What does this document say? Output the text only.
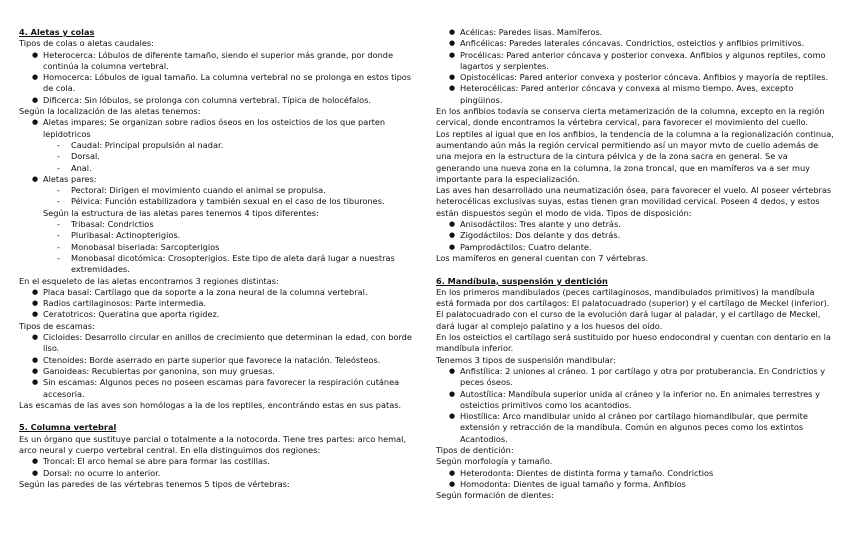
4. Aletas y colas

Tipos de colas o aletas caudales:

● Heterocerca: Lóbulos de diferente tamaño, siendo el superior más grande, por donde continúa la columna vertebral.
● Homocerca: Lóbulos de igual tamaño. La columna vertebral no se prolonga en estos tipos de cola.
● Dificerca: Sin lóbulos, se prolonga con columna vertebral. Típica de holocéfalos.

Según la localización de las aletas tenemos:

● Aletas impares: Se organizan sobre radios óseos en los osteictios de los que parten lepidotricos
- Caudal: Principal propulsión al nadar.
- Dorsal.
- Anal.
● Aletas pares:
- Pectoral: Dirigen el movimiento cuando el animal se propulsa.
- Pélvica: Función estabilizadora y también sexual en el caso de los tiburones.

Según la estructura de las aletas pares tenemos 4 tipos diferentes:

- Tribasal: Condrictios
- Pluribasal: Actinopterigios.
- Monobasal biseriada: Sarcopterigios
- Monobasal dicotómica: Crosopterigios. Este tipo de aleta dará lugar a nuestras extremidades.

En el esqueleto de las aletas encontramos 3 regiones distintas:

● Placa basal: Cartílago que da soporte a la zona neural de la columna vertebral.
● Radios cartilaginosos: Parte intermedia.
● Ceratotricos: Queratina que aporta rigidez.

Tipos de escamas:

● Cicloides: Desarrollo circular en anillos de crecimiento que determinan la edad, con borde liso.
● Ctenoides: Borde aserrado en parte superior que favorece la natación. Teleósteos.
● Ganoideas: Recubiertas por ganonina, son muy gruesas.
● Sin escamas: Algunos peces no poseen escamas para favorecer la respiración cutánea accesoria.

Las escamas de las aves son homólogas a la de los reptiles, encontrándo estas en sus patas.

5. Columna vertebral

Es un órgano que sustituye parcial o totalmente a la notocorda. Tiene tres partes: arco hemal, arco neural y cuerpo vertebral central. En ella distinguimos dos regiones:

● Troncal: El arco hemal se abre para formar las costillas.
● Dorsal: no ocurre lo anterior.

Según las paredes de las vértebras tenemos 5 tipos de vértebras:

● Acélicas: Paredes lisas. Mamíferos.
● Anficélicas: Paredes laterales cóncavas. Condrictios, osteictios y anfibios primitivos.
● Procélicas: Pared anterior cóncava y posterior convexa. Anfibios y algunos reptiles, como lagartos y serpientes.
● Opistocélicas: Pared anterior convexa y posterior cóncava. Anfibios y mayoría de reptiles.
● Heterocélicas: Pared anterior cóncava y convexa al mismo tiempo. Aves, excepto pingüinos.

En los anfibios todavía se conserva cierta metamerización de la columna, excepto en la región cervical, donde encontramos la vértebra cervical, para favorecer el movimiento del cuello.

Los reptiles al igual que en los anfibios, la tendencia de la columna a la regionalización continua, aumentando aún más la región cervical permitiendo así un mayor mvto de cuello además de una mejora en la estructura de la cintura pélvica y de la zona sacra en general. Se va generando una nueva zona en la columna, la zona troncal, que en mamíferos va a ser muy importante para la especialización.

Las aves han desarrollado una neumatización ósea, para favorecer el vuelo. Al poseer vértebras heterocélicas exclusivas suyas, estas tienen gran movilidad cervical. Poseen 4 dedos, y estos están dispuestos según el modo de vida. Tipos de disposición:

● Anisodáctilos: Tres alante y uno detrás.
● Zigodáctilos: Dos delante y dos detrás.
● Pamprodáctilos: Cuatro delante.

Los mamíferos en general cuentan con 7 vértebras.

6. Mandíbula, suspensión y dentición

En los primeros mandibulados (peces cartilaginosos, mandibulados primitivos) la mandíbula está formada por dos cartílagos: El palatocuadrado (superior) y el cartílago de Meckel (inferior). El palatocuadrado con el curso de la evolución dará lugar al paladar, y el cartílago de Meckel, dará lugar al complejo palatino y a los huesos del oído.

En los osteictios el cartílago será sustituido por hueso endocondral y cuentan con dentario en la mandíbula inferior.

Tenemos 3 tipos de suspensión mandibular:

● Anfistílica: 2 uniones al cráneo. 1 por cartílago y otra por protuberancia. En Condrictios y peces óseos.
● Autostílica: Mandíbula superior unida al cráneo y la inferior no. En animales terrestres y osteictios primitivos como los acantodios.
● Hiostílica: Arco mandibular unido al cráneo por cartílago hiomandibular, que permite extensión y retracción de la mandíbula. Común en algunos peces como los extintos Acantodios.

Tipos de dentición:

Según morfología y tamaño.

● Heterodonta: Dientes de distinta forma y tamaño. Condrictios
● Homodonta: Dientes de igual tamaño y forma. Anfibios

Según formación de dientes:
